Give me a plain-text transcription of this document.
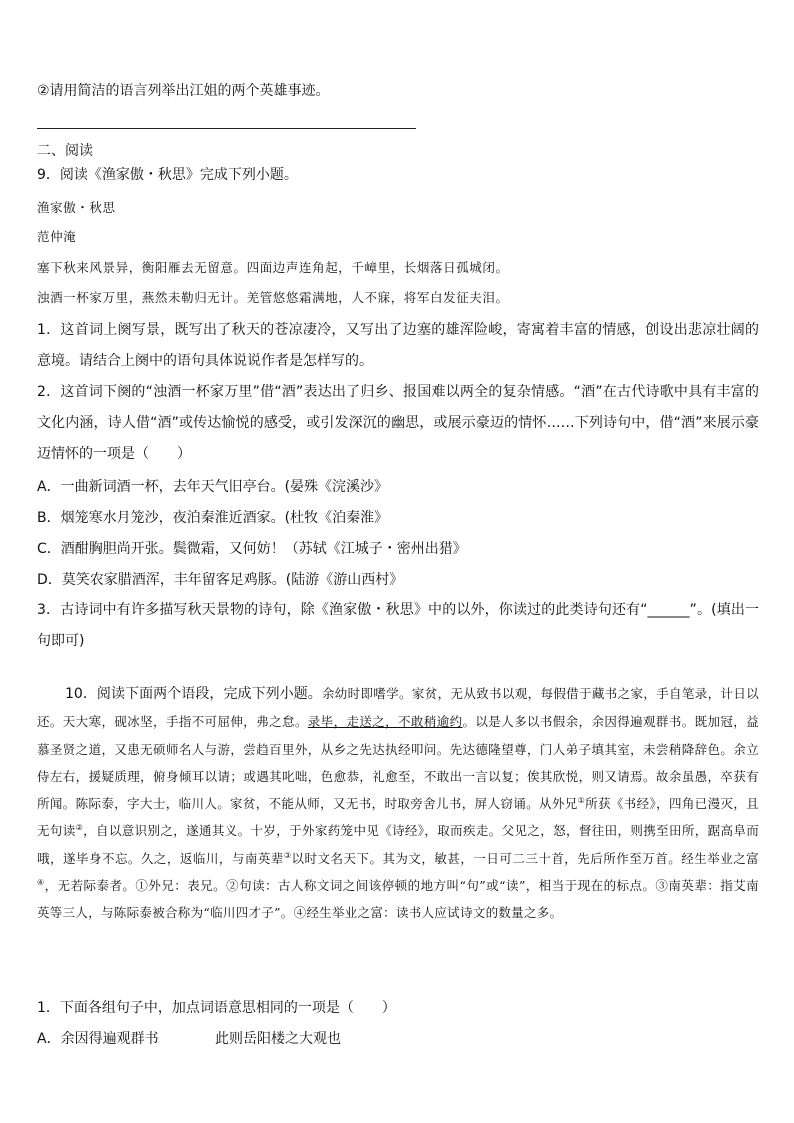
②请用简洁的语言列举出江姐的两个英雄事迹。
二、阅读
9．阅读《渔家傲・秋思》完成下列小题。
渔家傲・秋思
范仲淹
塞下秋来风景异，衡阳雁去无留意。四面边声连角起，千嶂里，长烟落日孤城闭。
浊酒一杯家万里，燕然未勒归无计。羌管悠悠霜满地，人不寐，将军白发征夫泪。
1．这首词上阕写景，既写出了秋天的苍凉凄冷，又写出了边塞的雄浑险峻，寄寓着丰富的情感，创设出悲凉壮阔的意境。请结合上阕中的语句具体说说作者是怎样写的。
2．这首词下阕的“浊酒一杯家万里”借“酒”表达出了归乡、报国难以两全的复杂情感。“酒”在古代诗歌中具有丰富的文化内涵，诗人借“酒”或传达愉悦的感受，或引发深沉的幽思，或展示豪迈的情怀……下列诗句中，借“酒”来展示豪迈情怀的一项是（　　）
A．一曲新词酒一杯，去年天气旧亭台。(晏殊《浣溪沙》
B．烟笼寒水月笼沙，夜泊秦淮近酒家。(杜牧《泊秦淮》
C．酒酣胸胆尚开张。鬓微霜，又何妨！（苏轼《江城子・密州出猎》
D．莫笑农家腊酒浑，丰年留客足鸡豚。(陆游《游山西村》
3．古诗词中有许多描写秋天景物的诗句，除《渔家傲・秋思》中的以外，你读过的此类诗句还有“______”。(填出一句即可)
10．阅读下面两个语段，完成下列小题。余幼时即嗜学。家贫，无从致书以观，每假借于藏书之家，手自笔录，计日以还。天大寒，砚冰坚，手指不可屈伸，弗之怠。录毕，走送之，不敢稍逾约。以是人多以书假余，余因得遍观群书。既加冠，益慕圣贤之道，又患无硕师名人与游，尝趋百里外，从乡之先达执经叩问。先达德隆望尊，门人弟子填其室，未尝稍降辞色。余立侍左右，援疑质理，俯身倾耳以请；或遇其叱咄，色愈恭，礼愈至，不敢出一言以复；俟其欣悦，则又请焉。故余虽愚，卒获有所闻。陈际泰，字大士，临川人。家贫，不能从师，又无书，时取旁舍儿书，屏人窃诵。从外兄①所获《书经》，四角已漫灭，且无句读②，自以意识别之，遂通其义。十岁，于外家药笼中见《诗经》，取而疾走。父见之，怒，督往田，则携至田所，踞高阜而哦，遂毕身不忘。久之，返临川，与南英辈③以时文名天下。其为文，敏甚，一日可二三十首，先后所作至万首。经生举业之富④，无若际泰者。①外兄：表兄。②句读：古人称文词之间该停顿的地方叫“句”或“读”，相当于现在的标点。③南英辈：指艾南英等三人，与陈际泰被合称为“临川四才子”。④经生举业之富：读书人应试诗文的数量之多。
1．下面各组句子中，加点词语意思相同的一项是（　　）
A．余因得遍观群书	此则岳阳楼之大观也
